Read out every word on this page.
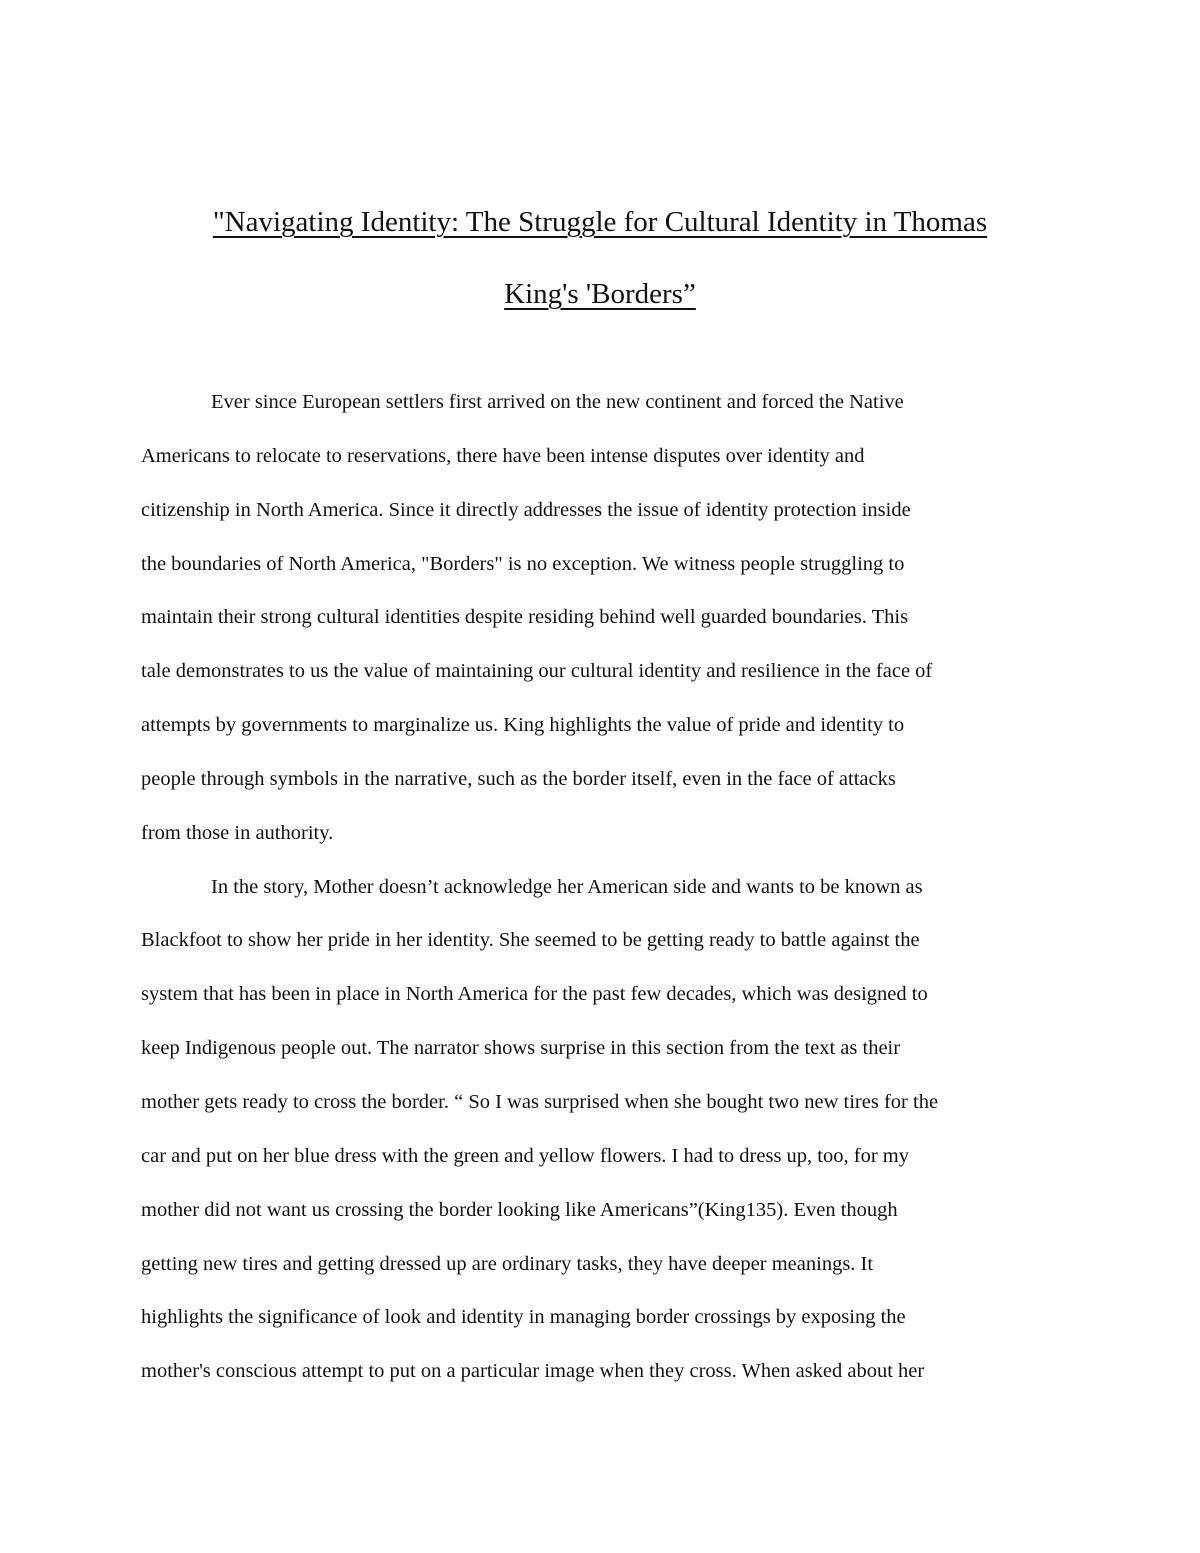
"Navigating Identity: The Struggle for Cultural Identity in Thomas
King's 'Borders”
Ever since European settlers first arrived on the new continent and forced the Native
Americans to relocate to reservations, there have been intense disputes over identity and
citizenship in North America. Since it directly addresses the issue of identity protection inside
the boundaries of North America, "Borders" is no exception. We witness people struggling to
maintain their strong cultural identities despite residing behind well guarded boundaries. This
tale demonstrates to us the value of maintaining our cultural identity and resilience in the face of
attempts by governments to marginalize us. King highlights the value of pride and identity to
people through symbols in the narrative, such as the border itself, even in the face of attacks
from those in authority.
In the story, Mother doesn’t acknowledge her American side and wants to be known as
Blackfoot to show her pride in her identity. She seemed to be getting ready to battle against the
system that has been in place in North America for the past few decades, which was designed to
keep Indigenous people out. The narrator shows surprise in this section from the text as their
mother gets ready to cross the border. “ So I was surprised when she bought two new tires for the
car and put on her blue dress with the green and yellow flowers. I had to dress up, too, for my
mother did not want us crossing the border looking like Americans”(King135). Even though
getting new tires and getting dressed up are ordinary tasks, they have deeper meanings. It
highlights the significance of look and identity in managing border crossings by exposing the
mother's conscious attempt to put on a particular image when they cross. When asked about her
